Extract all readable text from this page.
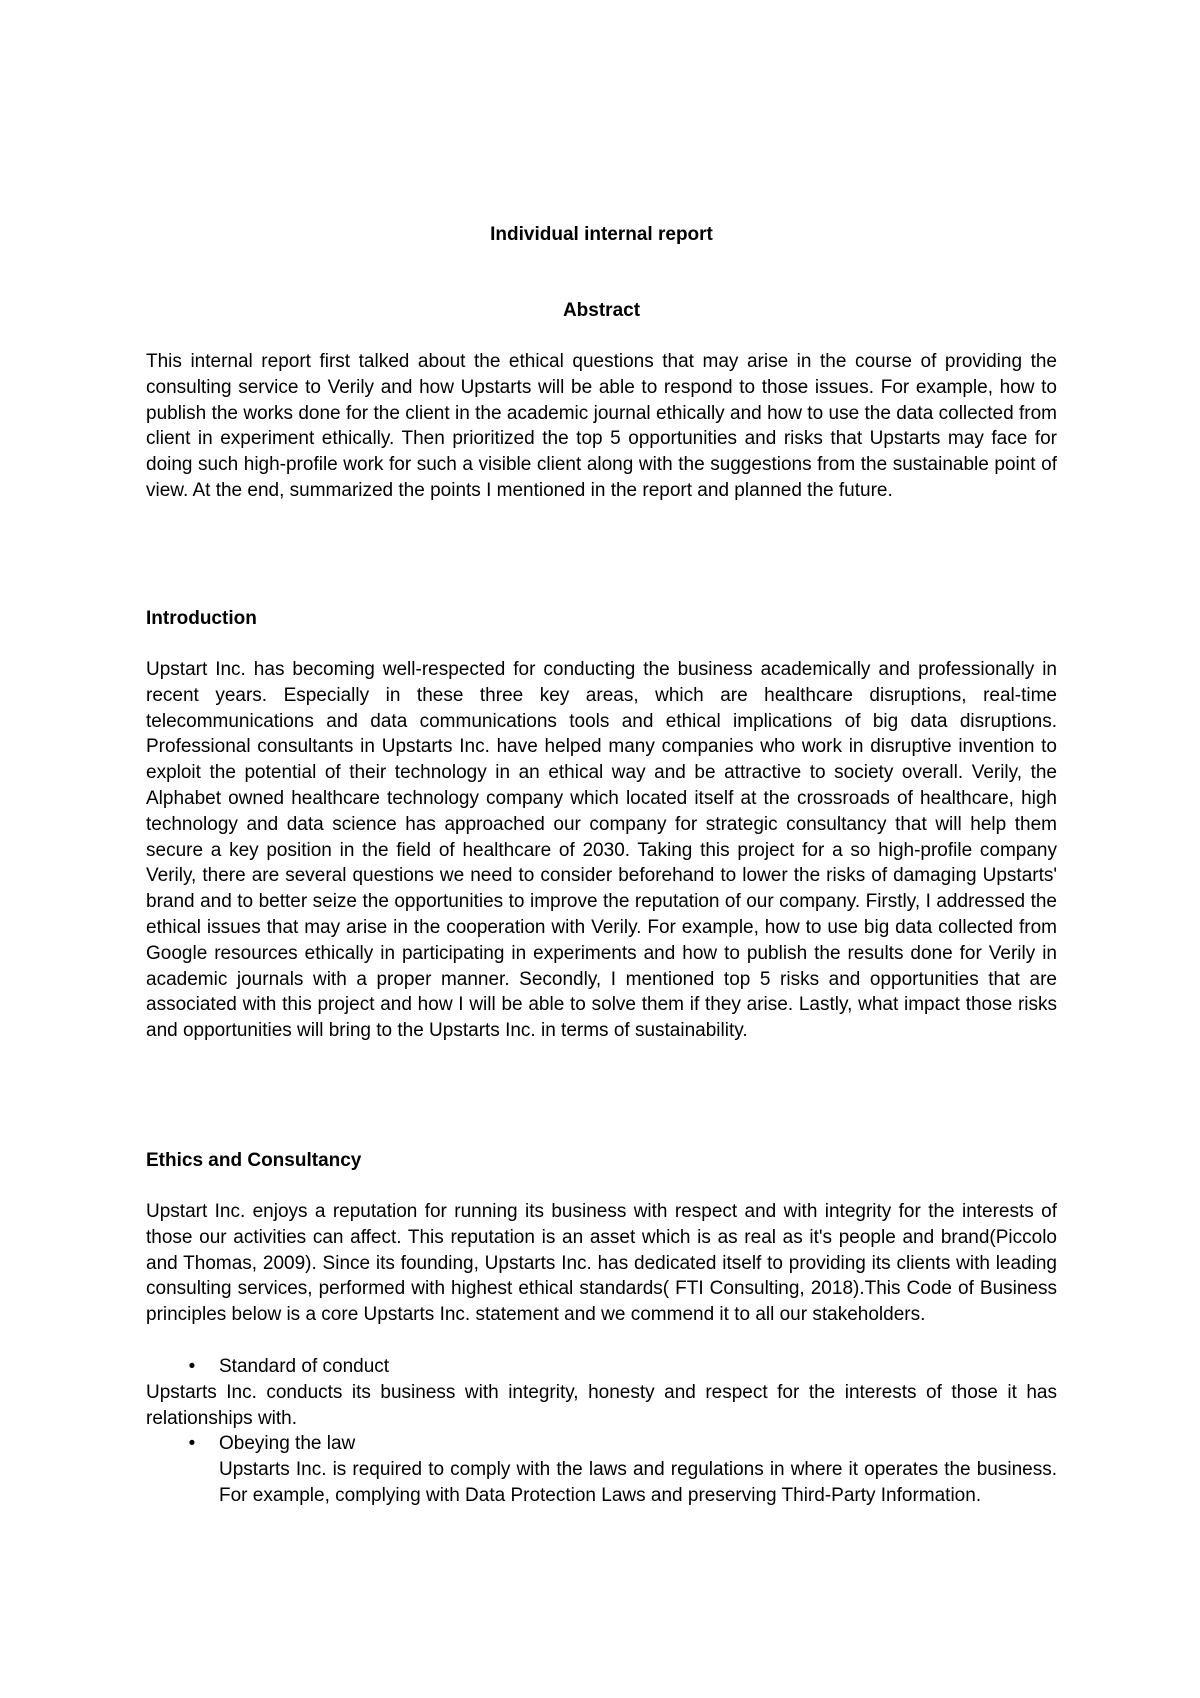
Individual internal report
Abstract

This internal report first talked about the ethical questions that may arise in the course of providing the consulting service to Verily and how Upstarts will be able to respond to those issues. For example, how to publish the works done for the client in the academic journal ethically and how to use the data collected from client in experiment ethically. Then prioritized the top 5 opportunities and risks that Upstarts may face for doing such high-profile work for such a visible client along with the suggestions from the sustainable point of view. At the end, summarized the points I mentioned in the report and planned the future.

Introduction

Upstart Inc. has becoming well-respected for conducting the business academically and professionally in recent years. Especially in these three key areas, which are healthcare disruptions, real-time telecommunications and data communications tools and ethical implications of big data disruptions. Professional consultants in Upstarts Inc. have helped many companies who work in disruptive invention to exploit the potential of their technology in an ethical way and be attractive to society overall. Verily, the Alphabet owned healthcare technology company which located itself at the crossroads of healthcare, high technology and data science has approached our company for strategic consultancy that will help them secure a key position in the field of healthcare of 2030. Taking this project for a so high-profile company Verily, there are several questions we need to consider beforehand to lower the risks of damaging Upstarts' brand and to better seize the opportunities to improve the reputation of our company. Firstly, I addressed the ethical issues that may arise in the cooperation with Verily. For example, how to use big data collected from Google resources ethically in participating in experiments and how to publish the results done for Verily in academic journals with a proper manner. Secondly, I mentioned top 5 risks and opportunities that are associated with this project and how I will be able to solve them if they arise. Lastly, what impact those risks and opportunities will bring to the Upstarts Inc. in terms of sustainability.

Ethics and Consultancy

Upstart Inc. enjoys a reputation for running its business with respect and with integrity for the interests of those our activities can affect. This reputation is an asset which is as real as it's people and brand(Piccolo and Thomas, 2009). Since its founding, Upstarts Inc. has dedicated itself to providing its clients with leading consulting services, performed with highest ethical standards( FTI Consulting, 2018).This Code of Business principles below is a core Upstarts Inc. statement and we commend it to all our stakeholders.

• Standard of conduct

Upstarts Inc. conducts its business with integrity, honesty and respect for the interests of those it has relationships with.

• Obeying the law

Upstarts Inc. is required to comply with the laws and regulations in where it operates the business. For example, complying with Data Protection Laws and preserving Third-Party Information.
